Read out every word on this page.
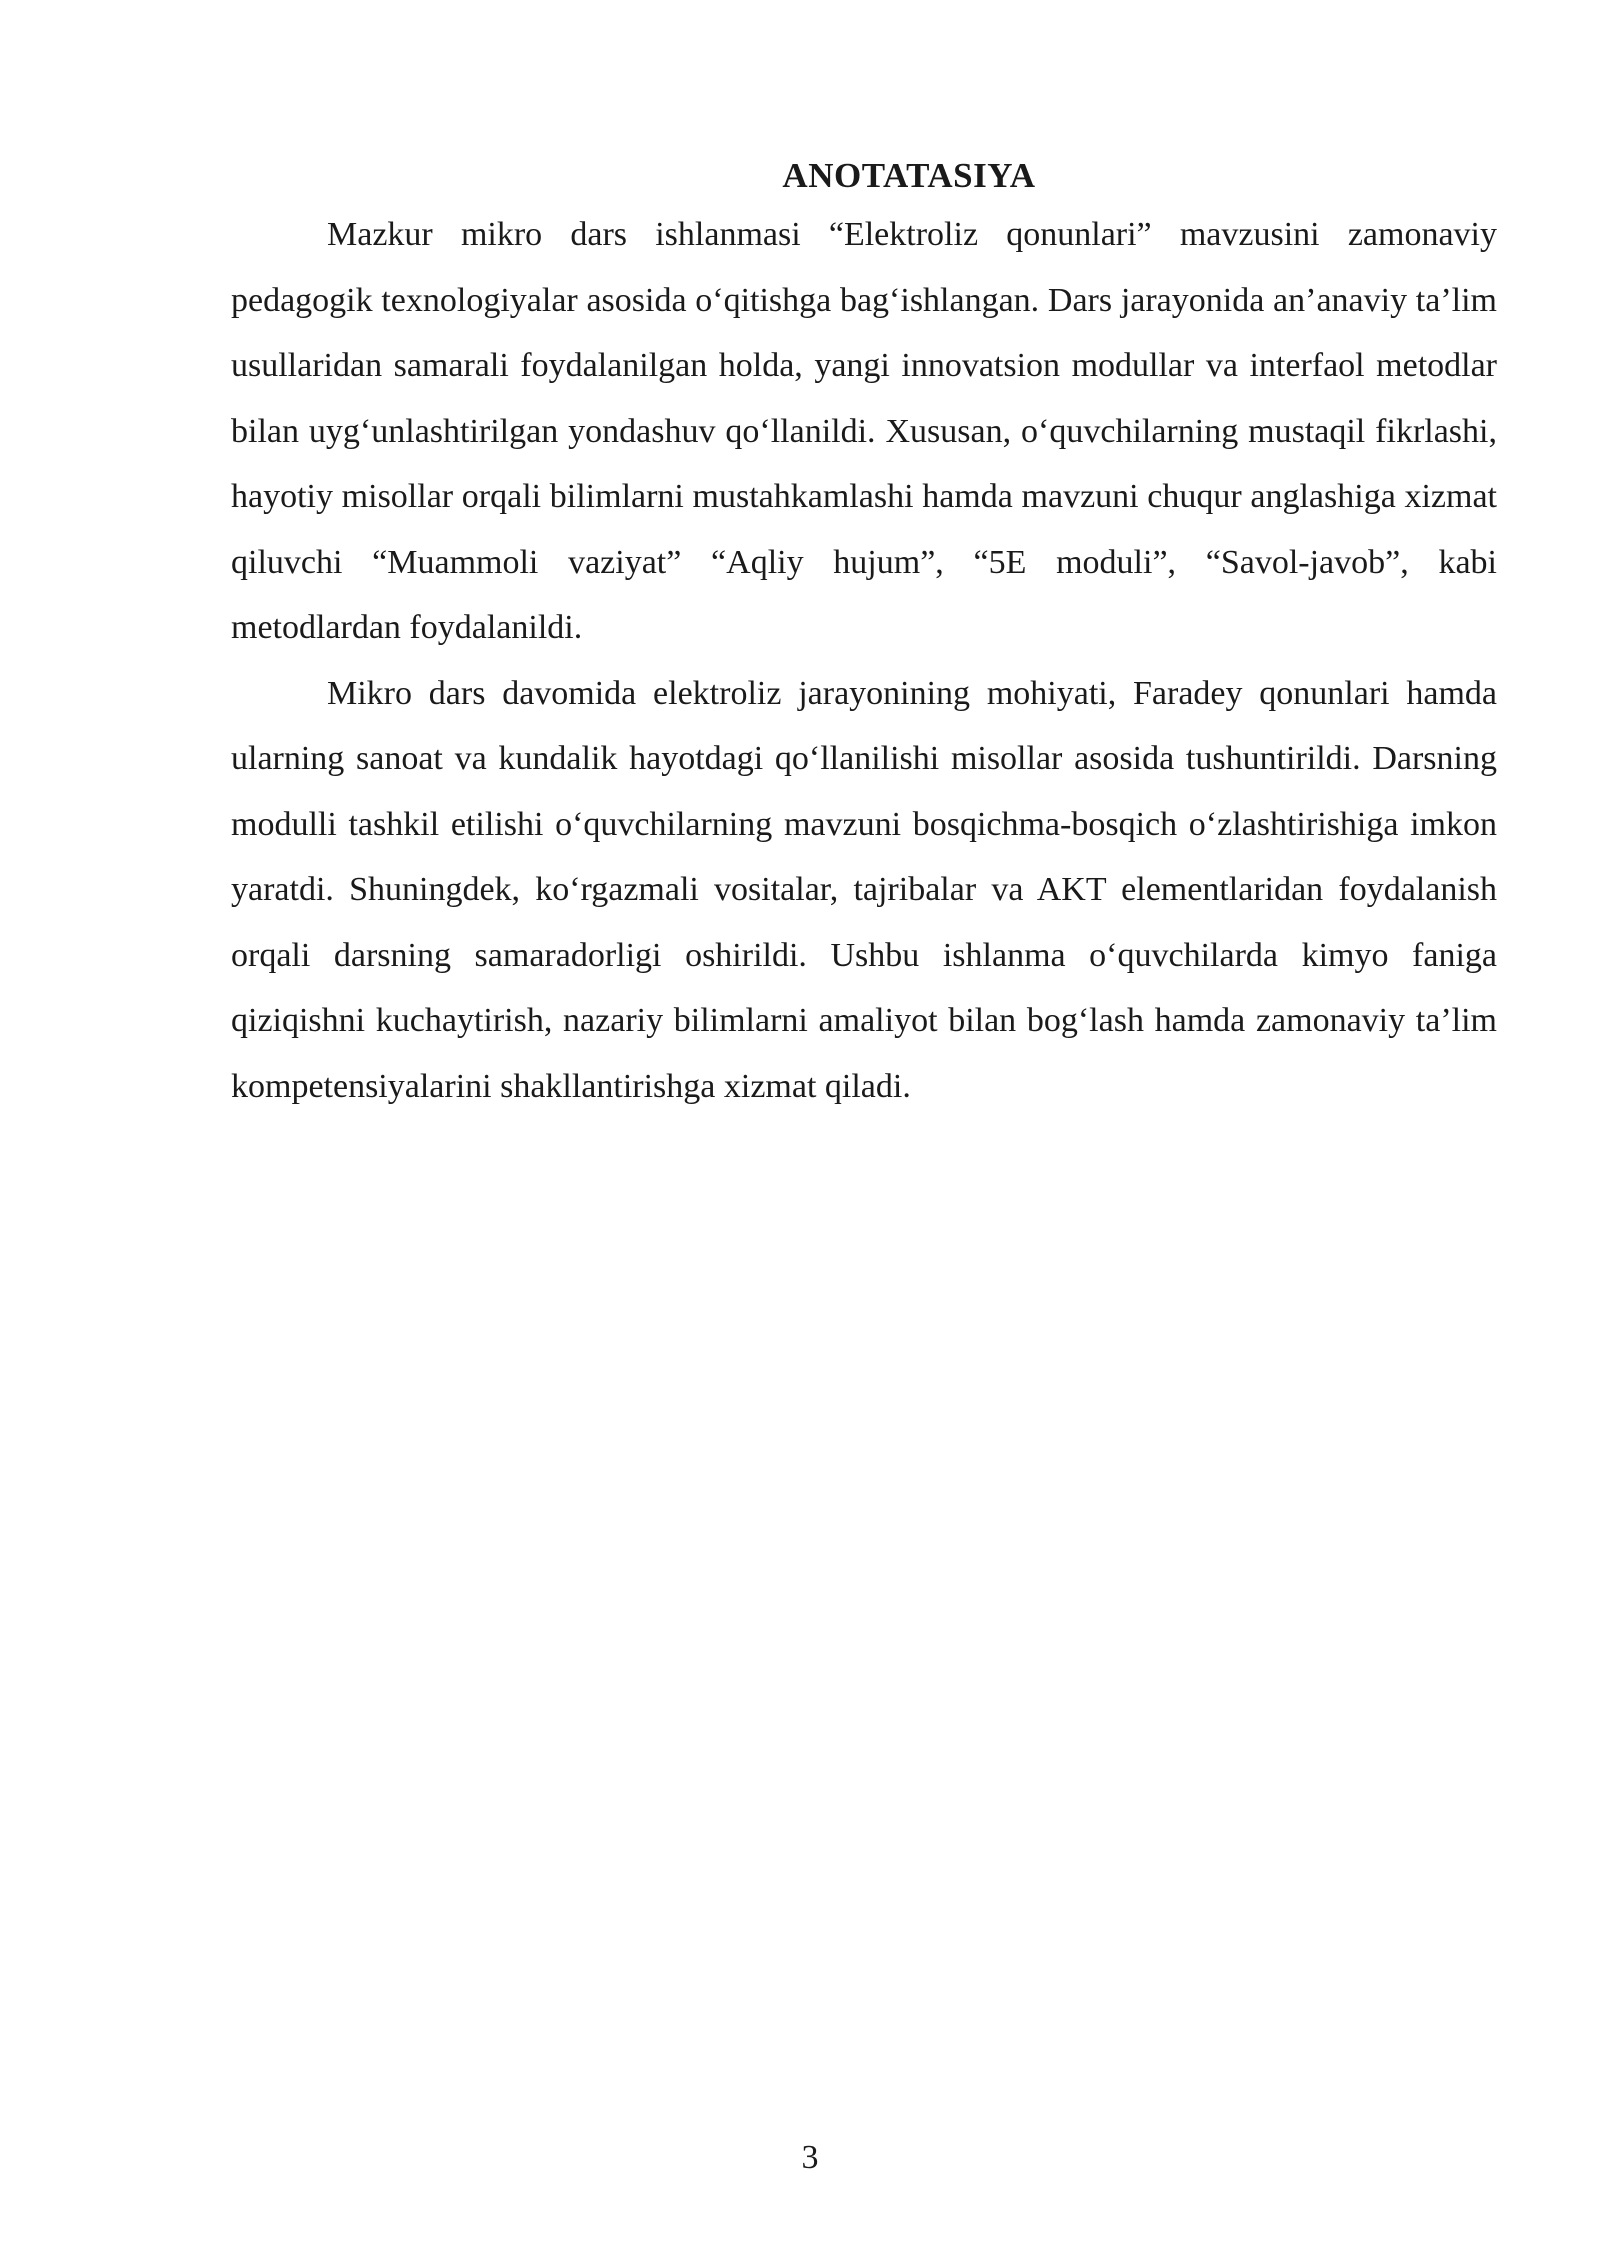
ANOTATASIYA

Mazkur mikro dars ishlanmasi “Elektroliz qonunlari” mavzusini zamonaviy pedagogik texnologiyalar asosida o‘qitishga bag‘ishlangan. Dars jarayonida an’anaviy ta’lim usullaridan samarali foydalanilgan holda, yangi innovatsion modullar va interfaol metodlar bilan uyg‘unlashtirilgan yondashuv qo‘llanildi. Xususan, o‘quvchilarning mustaqil fikrlashi, hayotiy misollar orqali bilimlarni mustahkamlashi hamda mavzuni chuqur anglashiga xizmat qiluvchi “Muammoli vaziyat” “Aqliy hujum”, “5E moduli”, “Savol-javob”, kabi metodlardan foydalanildi.

Mikro dars davomida elektroliz jarayonining mohiyati, Faradey qonunlari hamda ularning sanoat va kundalik hayotdagi qo‘llanilishi misollar asosida tushuntirildi. Darsning modulli tashkil etilishi o‘quvchilarning mavzuni bosqichma-bosqich o‘zlashtirishiga imkon yaratdi. Shuningdek, ko‘rgazmali vositalar, tajribalar va AKT elementlaridan foydalanish orqali darsning samaradorligi oshirildi. Ushbu ishlanma o‘quvchilarda kimyo faniga qiziqishni kuchaytirish, nazariy bilimlarni amaliyot bilan bog‘lash hamda zamonaviy ta’lim kompetensiyalarini shakllantirishga xizmat qiladi.

3
